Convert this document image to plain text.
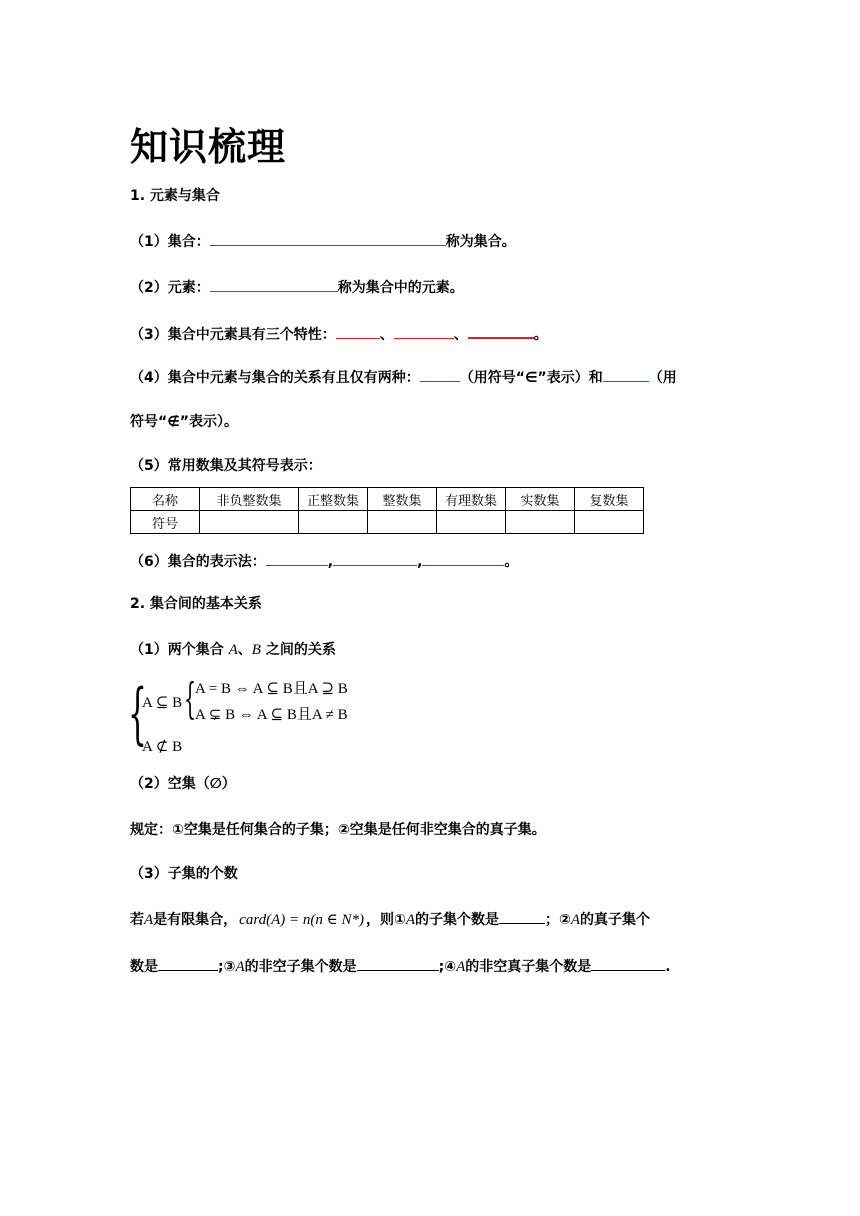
知识梳理
1. 元素与集合
（1）集合：	称为集合。
（2）元素：	称为集合中的元素。
（3）集合中元素具有三个特性：	、	、	。
（4）集合中元素与集合的关系有且仅有两种：	（用符号“∈”表示）和	（用
符号“∉”表示）。
（5）常用数集及其符号表示：
名称	非负整数集	正整数集	整数集	有理数集	实数集	复数集
符号						
（6）集合的表示法：	,	,	。
2. 集合间的基本关系
（1）两个集合 A、B 之间的关系
{
A ⊆ B {
A = B ⇔ A ⊆ B且A ⊇ B
A ⊊ B ⇔ A ⊆ B且A ≠ B
A ⊄ B
（2）空集（∅）
规定：①空集是任何集合的子集；②空集是任何非空集合的真子集。
（3）子集的个数
若A是有限集合， card(A) = n(n ∈ N*) ，则①A的子集个数是	；②A的真子集个
数是	;③A的非空子集个数是	;④A的非空真子集个数是	.
